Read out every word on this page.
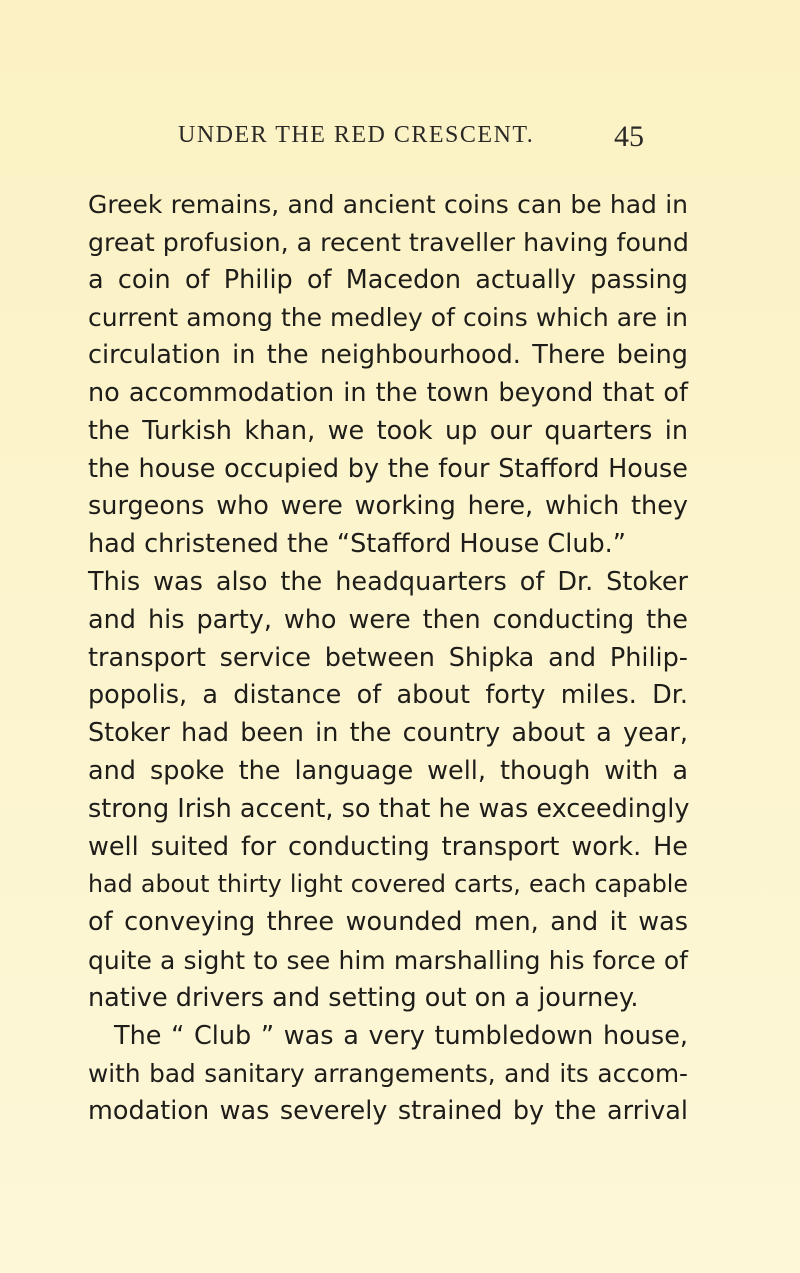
UNDER THE RED CRESCENT.	45
Greek remains, and ancient coins can be had in
great profusion, a recent traveller having found
a coin of Philip of Macedon actually passing
current among the medley of coins which are in
circulation in the neighbourhood. There being
no accommodation in the town beyond that of
the Turkish khan, we took up our quarters in
the house occupied by the four Stafford House
surgeons who were working here, which they
had christened the “Stafford House Club.”
This was also the headquarters of Dr. Stoker
and his party, who were then conducting the
transport service between Shipka and Philip-
popolis, a distance of about forty miles. Dr.
Stoker had been in the country about a year,
and spoke the language well, though with a
strong Irish accent, so that he was exceedingly
well suited for conducting transport work. He
had about thirty light covered carts, each capable
of conveying three wounded men, and it was
quite a sight to see him marshalling his force of
native drivers and setting out on a journey.
The “ Club ” was a very tumbledown house,
with bad sanitary arrangements, and its accom-
modation was severely strained by the arrival
